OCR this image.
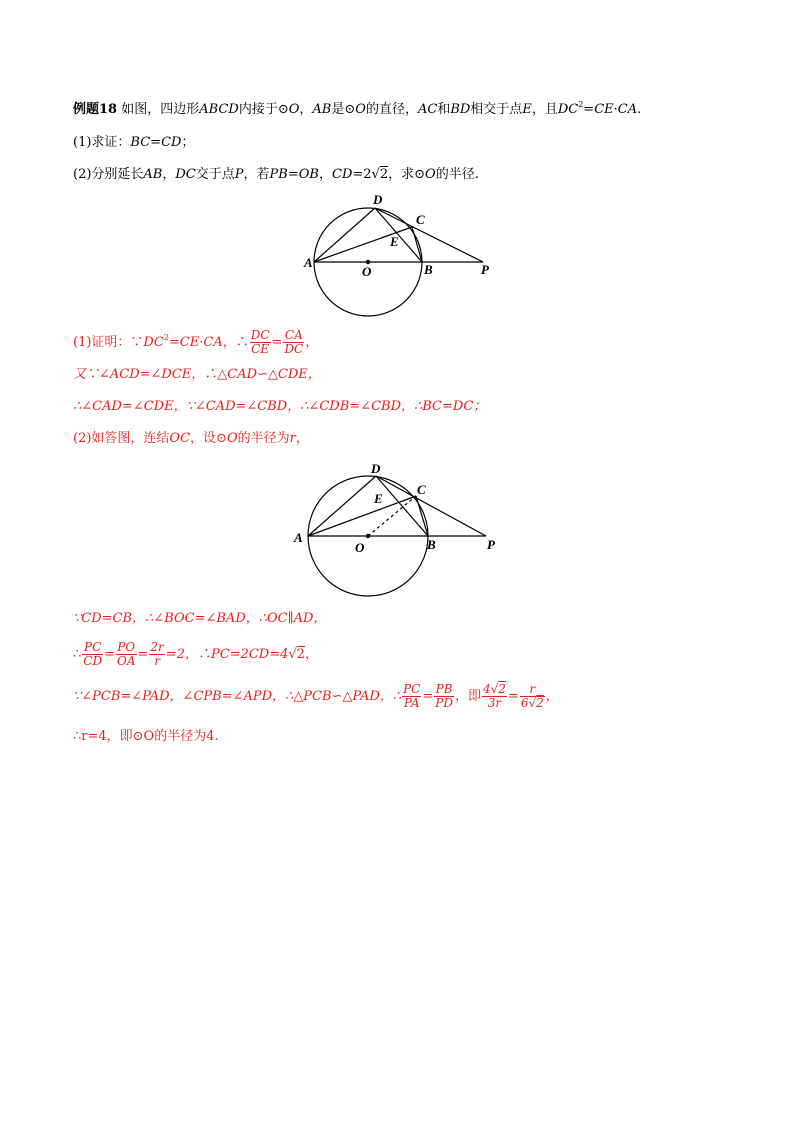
例题18 如图，四边形ABCD内接于⊙O，AB是⊙O的直径，AC和BD相交于点E，且$DC^2=CE\cdot CA$.
(1)求证：BC=CD；
(2)分别延长AB，DC交于点P，若PB=OB，CD=2√2，求⊙O的半径.
A
D
C
E
O	B	P
(1)证明：$\because DC^2=CE\cdot CA$，∴ $\frac{DC}{CE} = \frac{CA}{DC}$ ，
又∵∠ACD=∠DCE，∴△CAD∽△CDE，
∴∠CAD=∠CDE，∵∠CAD=∠CBD，∴∠CDB=∠CBD，∴BC=DC；
(2)如答图，连结OC，设⊙O的半径为r，
A
D
C
E
O	B	P
∵CD=CB，∴∠BOC=∠BAD，∴OC∥AD，
∴ $\frac{PC}{CD} = \frac{PO}{OA} = \frac{2r}{r} =2$，∴PC=2CD=4√2，
∵∠PCB=∠PAD，∠CPB=∠APD，∴△PCB∽△PAD，∴ $\frac{PC}{PA} = \frac{PB}{PD}$ ，即 $\frac{4√2}{3r} = \frac{r}{6√2}$ ，
∴r=4，即⊙O的半径为4.
